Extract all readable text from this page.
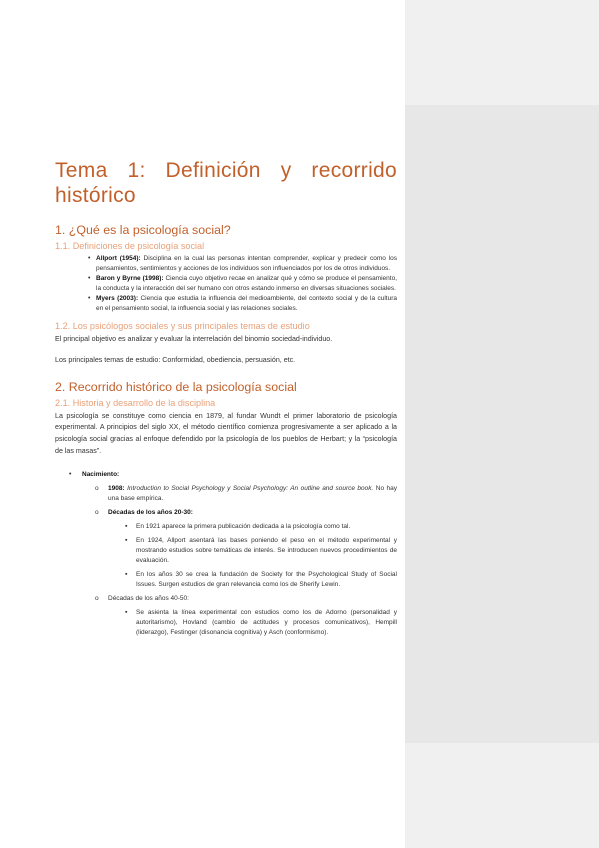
Tema 1: Definición y recorrido
histórico
1. ¿Qué es la psicología social?
1.1. Definiciones de psicología social
• Allport (1954): Disciplina en la cual las personas intentan comprender, explicar y predecir como los pensamientos, sentimientos y acciones de los individuos son influenciados por los de otros individuos.
• Baron y Byrne (1998): Ciencia cuyo objetivo recae en analizar qué y cómo se produce el pensamiento, la conducta y la interacción del ser humano con otros estando inmerso en diversas situaciones sociales.
• Myers (2003): Ciencia que estudia la influencia del medioambiente, del contexto social y de la cultura en el pensamiento social, la influencia social y las relaciones sociales.
1.2. Los psicólogos sociales y sus principales temas de estudio

El principal objetivo es analizar y evaluar la interrelación del binomio sociedad-individuo.

Los principales temas de estudio: Conformidad, obediencia, persuasión, etc.

2. Recorrido histórico de la psicología social
2.1. Historia y desarrollo de la disciplina

La psicología se constituye como ciencia en 1879, al fundar Wundt el primer laboratorio de psicología experimental. A principios del siglo XX, el método científico comienza progresivamente a ser aplicado a la psicología social gracias al enfoque defendido por la psicología de los pueblos de Herbart; y la “psicología de las masas”.

• Nacimiento:
o 1908: Introduction to Social Psychology y Social Psychology: An outline and source book. No hay una base empírica.
o Décadas de los años 20-30:
▪ En 1921 aparece la primera publicación dedicada a la psicología como tal.
▪ En 1924, Allport asentará las bases poniendo el peso en el método experimental y mostrando estudios sobre temáticas de interés. Se introducen nuevos procedimientos de evaluación.
▪ En los años 30 se crea la fundación de Society for the Psychological Study of Social Issues. Surgen estudios de gran relevancia como los de Sherify Lewin.
o Décadas de los años 40-50:
▪ Se asienta la línea experimental con estudios como los de Adorno (personalidad y autoritarismo), Hovland (cambio de actitudes y procesos comunicativos), Hempill (liderazgo), Festinger (disonancia cognitiva) y Asch (conformismo).
